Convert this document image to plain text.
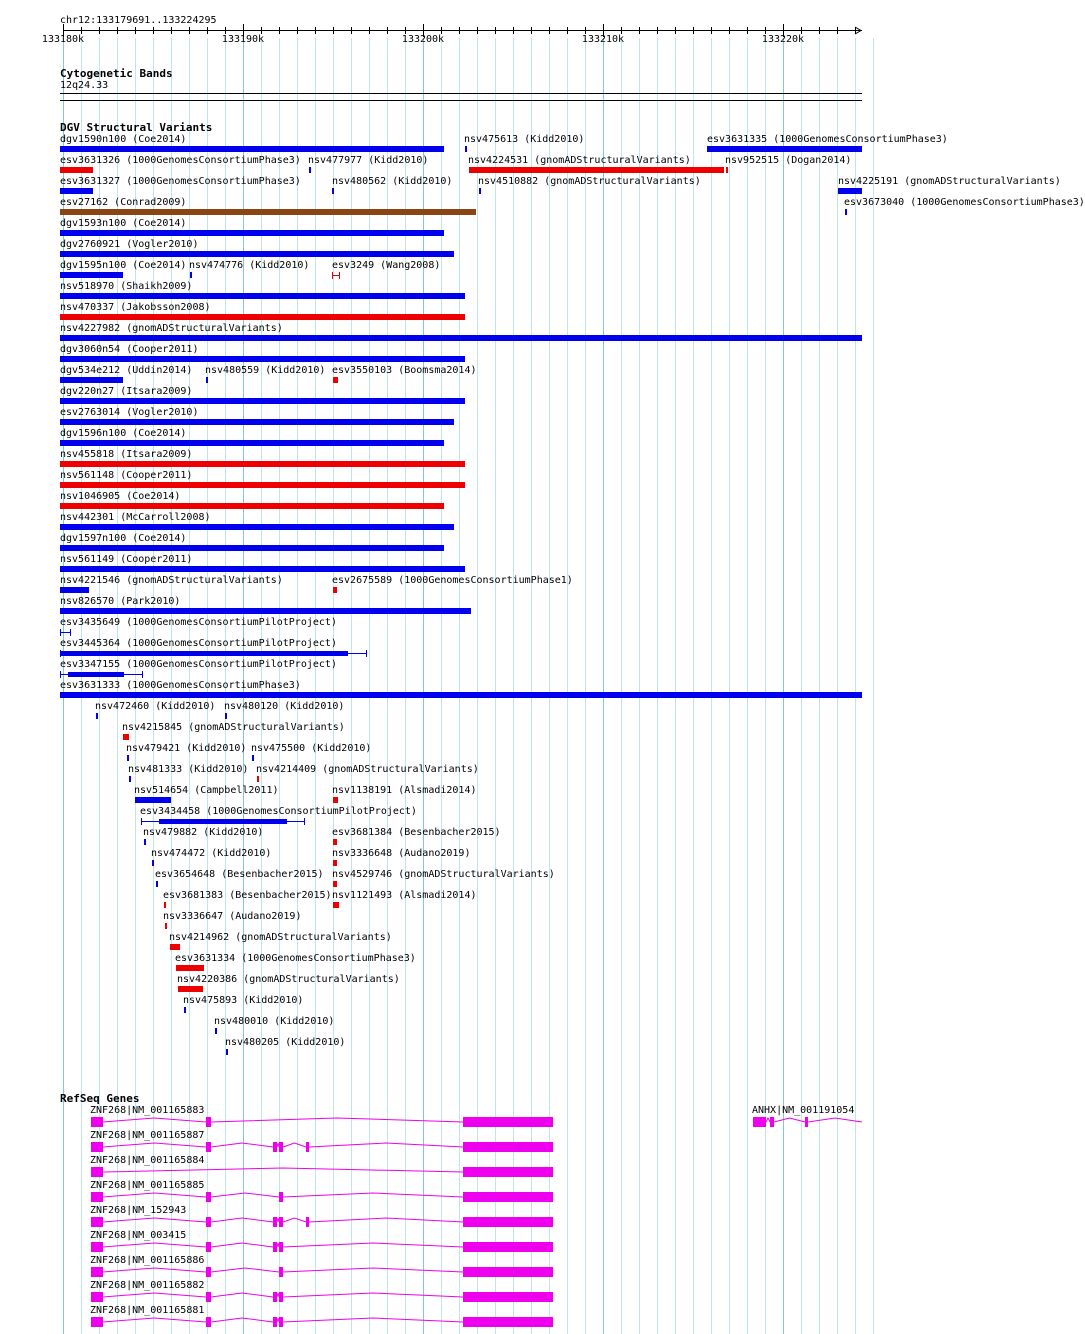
chr12:133179691..133224295
133180k	133190k	133200k	133210k	133220k
Cytogenetic Bands
12q24.33
DGV Structural Variants
dgv1590n100 (Coe2014)	nsv475613 (Kidd2010)	esv3631335 (1000GenomesConsortiumPhase3)
esv3631326 (1000GenomesConsortiumPhase3) nsv477977 (Kidd2010)	nsv4224531 (gnomADStructuralVariants)	nsv952515 (Dogan2014)
esv3631327 (1000GenomesConsortiumPhase3)	nsv480562 (Kidd2010)	nsv4510882 (gnomADStructuralVariants)	nsv4225191 (gnomADStructuralVariants)
esv27162 (Conrad2009)	esv3673040 (1000GenomesConsortiumPhase3)
dgv1593n100 (Coe2014)
dgv2760921 (Vogler2010)
dgv1595n100 (Coe2014) nsv474776 (Kidd2010) esv3249 (Wang2008)
nsv518970 (Shaikh2009)
nsv470337 (Jakobsson2008)
nsv4227982 (gnomADStructuralVariants)
dgv3060n54 (Cooper2011)
dgv534e212 (Uddin2014) nsv480559 (Kidd2010) esv3550103 (Boomsma2014)
dgv220n27 (Itsara2009)
esv2763014 (Vogler2010)
dgv1596n100 (Coe2014)
nsv455818 (Itsara2009)
nsv561148 (Cooper2011)
nsv1046905 (Coe2014)
nsv442301 (McCarroll2008)
dgv1597n100 (Coe2014)
nsv561149 (Cooper2011)
nsv4221546 (gnomADStructuralVariants)	esv2675589 (1000GenomesConsortiumPhase1)
nsv826570 (Park2010)
esv3435649 (1000GenomesConsortiumPilotProject)
esv3445364 (1000GenomesConsortiumPilotProject)
esv3347155 (1000GenomesConsortiumPilotProject)
esv3631333 (1000GenomesConsortiumPhase3)
nsv472460 (Kidd2010) nsv480120 (Kidd2010)
nsv4215845 (gnomADStructuralVariants)
nsv479421 (Kidd2010) nsv475500 (Kidd2010)
nsv481333 (Kidd2010) nsv4214409 (gnomADStructuralVariants)
nsv514654 (Campbell2011)	nsv1138191 (Alsmadi2014)
esv3434458 (1000GenomesConsortiumPilotProject)
nsv479882 (Kidd2010)	esv3681384 (Besenbacher2015)
nsv474472 (Kidd2010)	nsv3336648 (Audano2019)
esv3654648 (Besenbacher2015) nsv4529746 (gnomADStructuralVariants)
esv3681383 (Besenbacher2015) nsv1121493 (Alsmadi2014)
nsv3336647 (Audano2019)
nsv4214962 (gnomADStructuralVariants)
esv3631334 (1000GenomesConsortiumPhase3)
nsv4220386 (gnomADStructuralVariants)
nsv475893 (Kidd2010)
nsv480010 (Kidd2010)
nsv480205 (Kidd2010)
RefSeq Genes
ZNF268|NM_001165883	ANHX|NM_001191054
ZNF268|NM_001165887
ZNF268|NM_001165884
ZNF268|NM_001165885
ZNF268|NM_152943
ZNF268|NM_003415
ZNF268|NM_001165886
ZNF268|NM_001165882
ZNF268|NM_001165881
